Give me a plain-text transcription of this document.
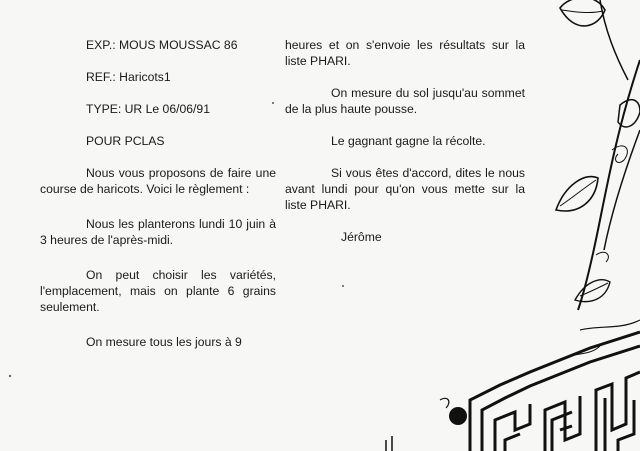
EXP.: MOUS MOUSSAC 86
REF.: Haricots1
TYPE: UR Le 06/06/91
POUR PCLAS

Nous vous proposons de faire une course de haricots. Voici le règlement :

Nous les planterons lundi 10 juin à 3 heures de l'après-midi.

On peut choisir les variétés, l'emplacement, mais on plante 6 grains seulement.

On mesure tous les jours à 9

heures et on s'envoie les résultats sur la liste PHARI.

On mesure du sol jusqu'au sommet de la plus haute pousse.

Le gagnant gagne la récolte.

Si vous êtes d'accord, dites le nous avant lundi pour qu'on vous mette sur la liste PHARI.

Jérôme
